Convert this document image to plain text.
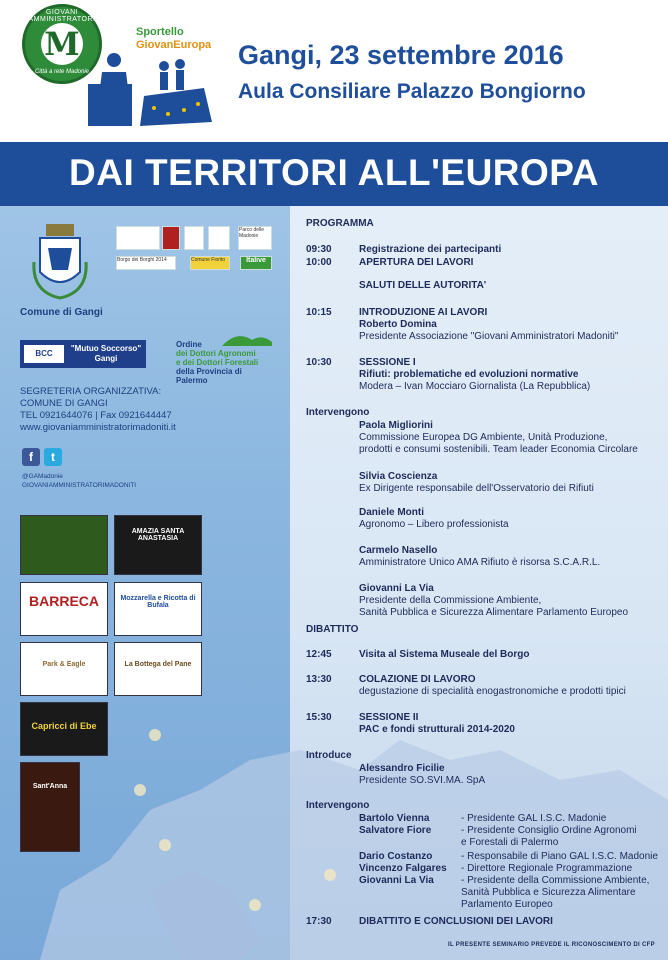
GIOVANI AMMINISTRATORI
M
Città a rete Madonie
Sportello
GiovanEuropa Gangi, 23 settembre 2016
Aula Consiliare Palazzo Bongiorno
DAI TERRITORI ALL'EUROPA
Comune di Gangi
Parco delle Madonie
Borgo dei Borghi 2014	Comune Fiorito	Italive
BCC
"Mutuo Soccorso"
Gangi
Ordine
dei Dottori Agronomi
e dei Dottori Forestali
della Provincia di Palermo
SEGRETERIA ORGANIZZATIVA:
COMUNE DI GANGI
TEL 0921644076 | Fax 0921644447
www.giovaniamministratorimadoniti.it
f t
@GAMadonie
GIOVANIAMMINISTRATORIMADONITI
AMAZIA SANTA ANASTASIA
BARRECA	Mozzarella e Ricotta di Bufala
Park & Eagle	La Bottega del Pane
Capricci di Ebe
Sant'Anna
PROGRAMMA
09:30	Registrazione dei partecipanti
10:00	APERTURA DEI LAVORI
SALUTI DELLE AUTORITA'
10:15	INTRODUZIONE AI LAVORI
Roberto Domina
Presidente Associazione "Giovani Amministratori Madoniti"
10:30	SESSIONE I
Rifiuti: problematiche ed evoluzioni normative
Modera – Ivan Mocciaro Giornalista (La Repubblica)
Intervengono
Paola Migliorini
Commissione Europea DG Ambiente, Unità Produzione,
prodotti e consumi sostenibili. Team leader Economia Circolare
Silvia Coscienza
Ex Dirigente responsabile dell'Osservatorio dei Rifiuti
Daniele Monti
Agronomo – Libero professionista
Carmelo Nasello
Amministratore Unico AMA Rifiuto è risorsa S.C.A.R.L.
Giovanni La Via
Presidente della Commissione Ambiente,
Sanità Pubblica e Sicurezza Alimentare Parlamento Europeo
DIBATTITO
12:45	Visita al Sistema Museale del Borgo
13:30	COLAZIONE DI LAVORO
degustazione di specialità enogastronomiche e prodotti tipici
15:30	SESSIONE II
PAC e fondi strutturali 2014-2020
Introduce
Alessandro Ficilie
Presidente SO.SVI.MA. SpA
Intervengono
Bartolo Vienna	- Presidente GAL I.S.C. Madonie
Salvatore Fiore	- Presidente Consiglio Ordine Agronomi
e Forestali di Palermo
Dario Costanzo	- Responsabile di Piano GAL I.S.C. Madonie
Vincenzo Falgares - Direttore Regionale Programmazione
Giovanni La Via	- Presidente della Commissione Ambiente,
Sanità Pubblica e Sicurezza Alimentare
Parlamento Europeo
17:30	DIBATTITO E CONCLUSIONI DEI LAVORI
IL PRESENTE SEMINARIO PREVEDE IL RICONOSCIMENTO DI CFP
